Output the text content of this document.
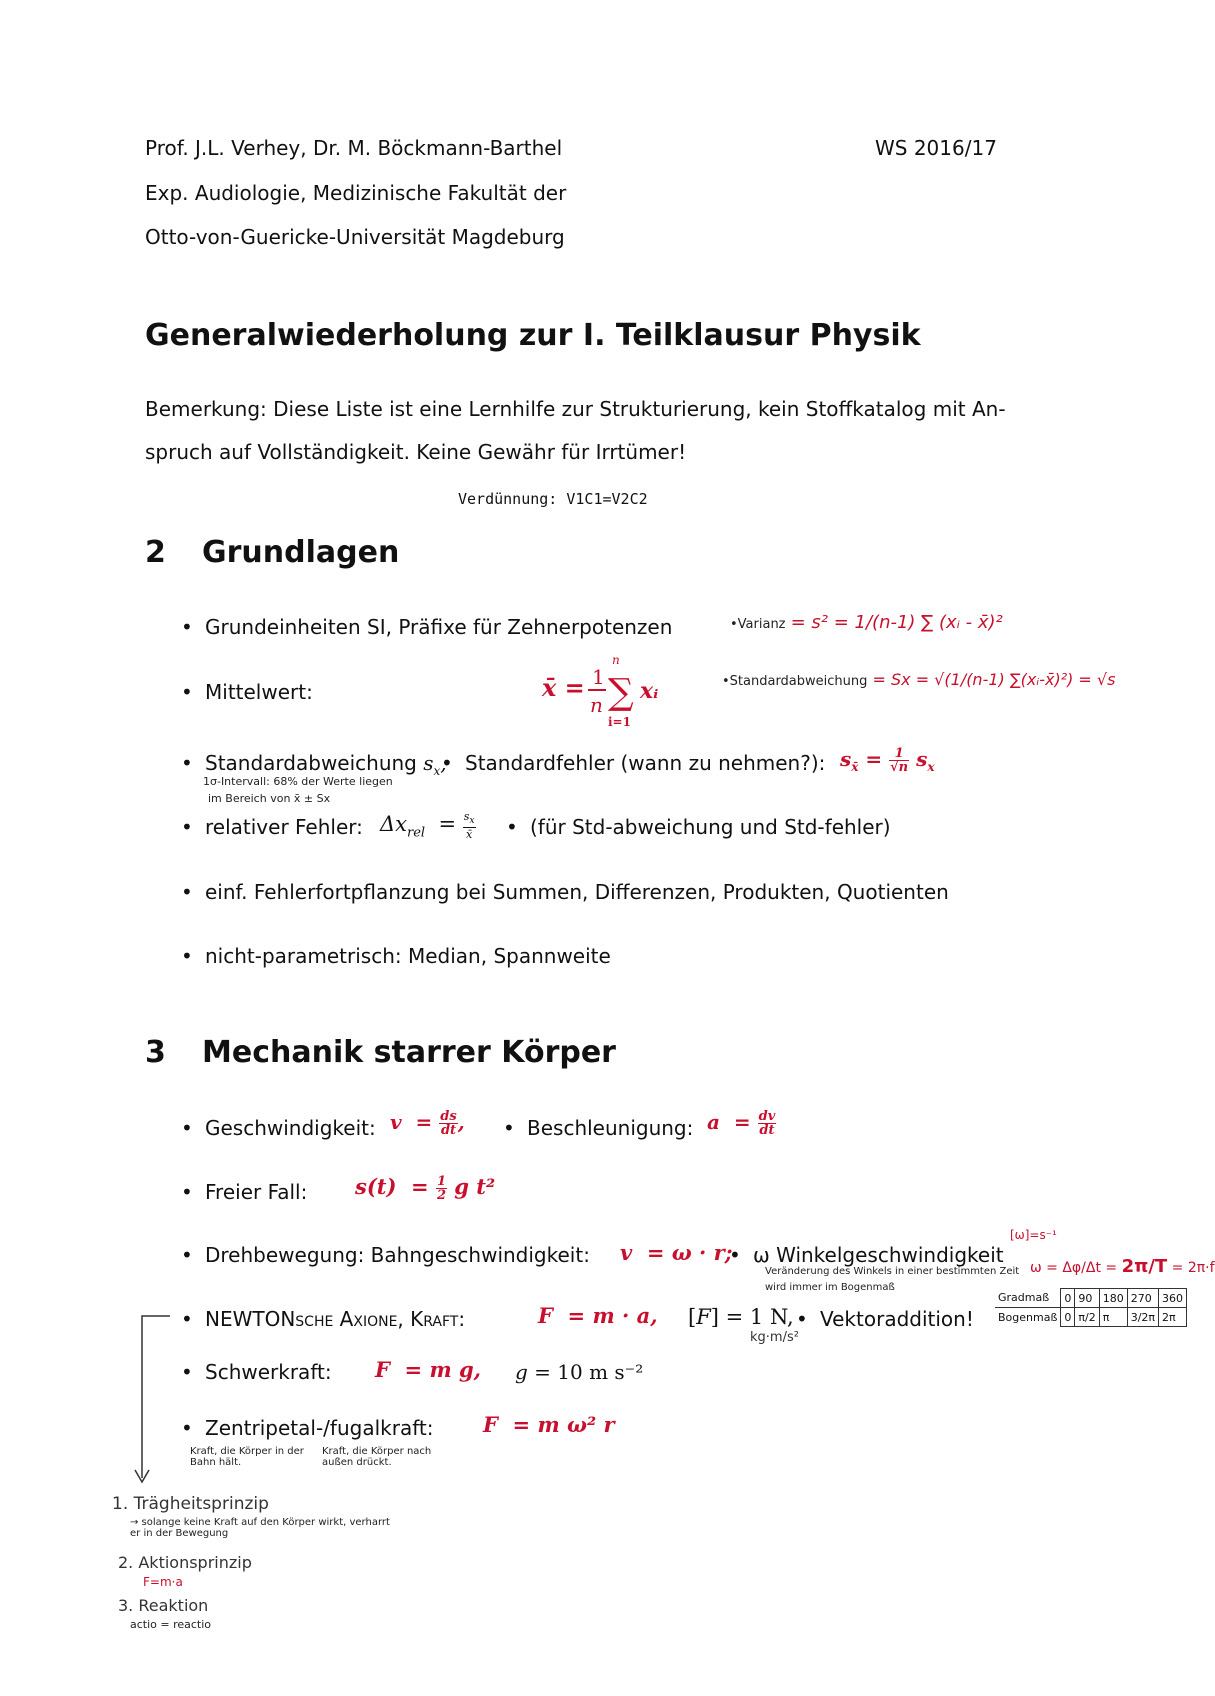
Prof. J.L. Verhey, Dr. M. Böckmann-Barthel	WS 2016/17
Exp. Audiologie, Medizinische Fakultät der
Otto-von-Guericke-Universität Magdeburg
Generalwiederholung zur I. Teilklausur Physik
Bemerkung: Diese Liste ist eine Lernhilfe zur Strukturierung, kein Stoffkatalog mit An-
spruch auf Vollständigkeit. Keine Gewähr für Irrtümer!
Verdünnung: V1C1=V2C2
2 Grundlagen
• Grundeinheiten SI, Präfixe für Zehnerpotenzen
• Mittelwert:	x̄ = 1
n
n
∑
i=1
xᵢ
•Varianz = s² = 1/(n-1) ∑ (xᵢ - x̄)²
•Standardabweichung = Sx = √(1/(n-1) ∑(xᵢ-x̄)²) = √s
• Standardabweichung $s_x$, • Standardfehler (wann zu nehmen?): $s_{x̄} = \frac{1}{√n} s_x$
1σ-Intervall: 68% der Werte liegen
im Bereich von x̄ ± Sx
• relativer Fehler: $\Delta x_{rel} = \frac{s_x}{x̄}$	• (für Std-abweichung und Std-fehler)
• einf. Fehlerfortpflanzung bei Summen, Differenzen, Produkten, Quotienten
• nicht-parametrisch: Median, Spannweite
3 Mechanik starrer Körper
• Geschwindigkeit: $v = \frac{ds}{dt}$ ,	• Beschleunigung: $a = \frac{dv}{dt}$
• Freier Fall: $s(t) = \frac{1}{2}$ g t²
• Drehbewegung: Bahngeschwindigkeit: v  = ω · r; • ω Winkelgeschwindigkeit
[ω]=s⁻¹
Veränderung des Winkels in einer bestimmten Zeit
wird immer im Bogenmaß
ω = Δφ/Δt = 2π/T = 2π·f
Gradmaß	0	90	180	270	360
Bogenmaß	0	π/2	π	3/2π	2π
• NEWTONsche Axione, Kraft:	F  = m · a, [F] = 1 N,
kg·m/s²
• Vektoraddition!
• Schwerkraft: F  = m g, g = 10 m s⁻²
• Zentripetal-/fugalkraft: F  = m ω² r
Kraft, die Körper in der Bahn hält.
Kraft, die Körper nach außen drückt.
1. Trägheitsprinzip
→ solange keine Kraft auf den Körper wirkt, verharrt er in der Bewegung
2. Aktionsprinzip
F=m·a
3. Reaktion
actio = reactio
